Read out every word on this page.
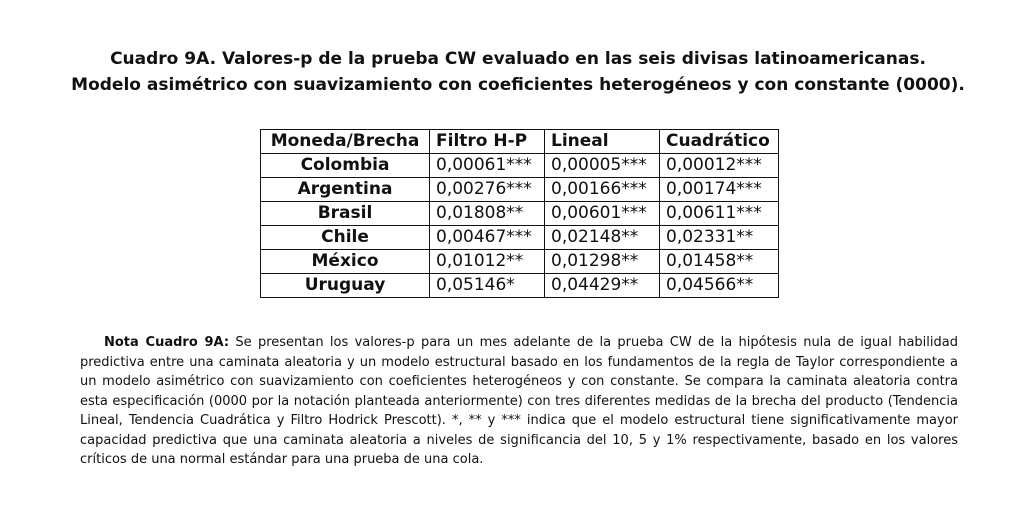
Cuadro 9A. Valores-p de la prueba CW evaluado en las seis divisas latinoamericanas.
Modelo asimétrico con suavizamiento con coeficientes heterogéneos y con constante (0000).
Moneda/Brecha	Filtro H-P	Lineal	Cuadrático
Colombia	0,00061***	0,00005***	0,00012***
Argentina	0,00276***	0,00166***	0,00174***
Brasil	0,01808**	0,00601***	0,00611***
Chile	0,00467***	0,02148**	0,02331**
México	0,01012**	0,01298**	0,01458**
Uruguay	0,05146*	0,04429**	0,04566**
Nota Cuadro 9A: Se presentan los valores-p para un mes adelante de la prueba CW de la hipótesis nula de igual habilidad predictiva entre una caminata aleatoria y un modelo estructural basado en los fundamentos de la regla de Taylor correspondiente a un modelo asimétrico con suavizamiento con coeficientes heterogéneos y con constante. Se compara la caminata aleatoria contra esta especificación (0000 por la notación planteada anteriormente) con tres diferentes medidas de la brecha del producto (Tendencia Lineal, Tendencia Cuadrática y Filtro Hodrick Prescott). *, ** y *** indica que el modelo estructural tiene significativamente mayor capacidad predictiva que una caminata aleatoria a niveles de significancia del 10, 5 y 1% respectivamente, basado en los valores críticos de una normal estándar para una prueba de una cola.
